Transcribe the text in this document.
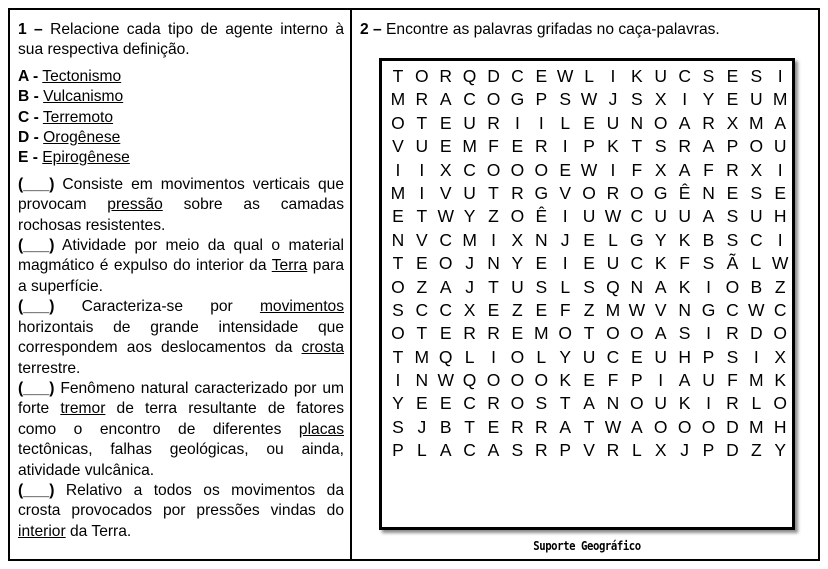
1 – Relacione cada tipo de agente interno à sua respectiva definição.

A - Tectonismo
B - Vulcanismo
C - Terremoto
D - Orogênese
E - Epirogênese

(___) Consiste em movimentos verticais que provocam pressão sobre as camadas rochosas resistentes.

(___) Atividade por meio da qual o material magmático é expulso do interior da Terra para a superfície.

(___) Caracteriza-se por movimentos horizontais de grande intensidade que correspondem aos deslocamentos da crosta terrestre.

(___) Fenômeno natural caracterizado por um forte tremor de terra resultante de fatores como o encontro de diferentes placas tectônicas, falhas geológicas, ou ainda, atividade vulcânica.

(___) Relativo a todos os movimentos da crosta provocados por pressões vindas do interior da Terra.

2 – Encontre as palavras grifadas no caça-palavras.

T O R Q D C E W L I K U C S E S I
M R A C O G P S W J S X I Y E U M
O T E U R I	I L E U N O A R X M A
V U E M F E R I P K T S R A P O U
I	I X C O O O E W I F X A F R X I
M I V U T R G V O R O G Ê N E S E
E T W Y Z O Ê I U W C U U A S U H
N V C M I X N J E L G Y K B S C I
T E O J N Y E I E U C K F S Ã L W
O Z A J T U S L S Q N A K I O B Z
S C C X E Z E F Z M W V N G C W C
O T E R R E M O T O O A S I R D O
T M Q L I O L Y U C E U H P S I X
I N W Q O O O K E F P I A U F M K
Y E E C R O S T A N O U K I R L O
S J B T E R R A T W A O O O D M H
P L A C A S R P V R L X J P D Z Y
Suporte Geográfico
